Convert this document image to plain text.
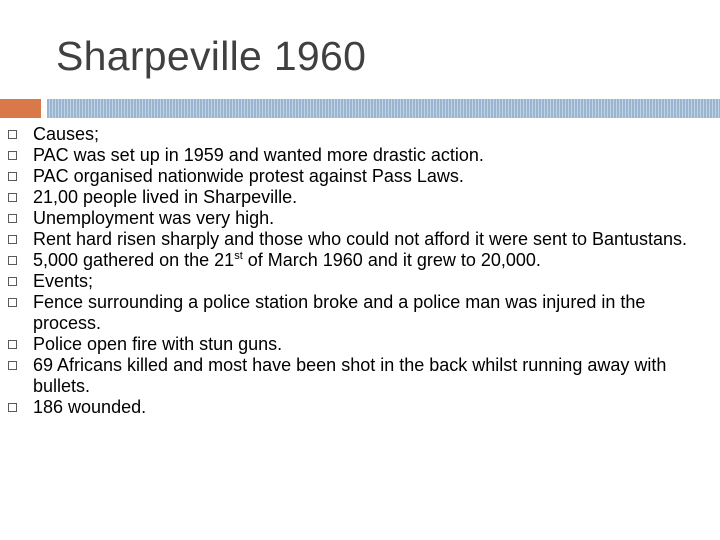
Sharpeville 1960
Causes;
PAC was set up in 1959 and wanted more drastic action.
PAC organised nationwide protest against Pass Laws.
21,00 people lived in Sharpeville.
Unemployment was very high.
Rent hard risen sharply and those who could not afford it were sent to Bantustans.
5,000 gathered on the 21st of March 1960 and it grew to 20,000.
Events;
Fence surrounding a police station broke and a police man was injured in the process.
Police open fire with stun guns.
69 Africans killed and most have been shot in the back whilst running away with bullets.
186 wounded.
